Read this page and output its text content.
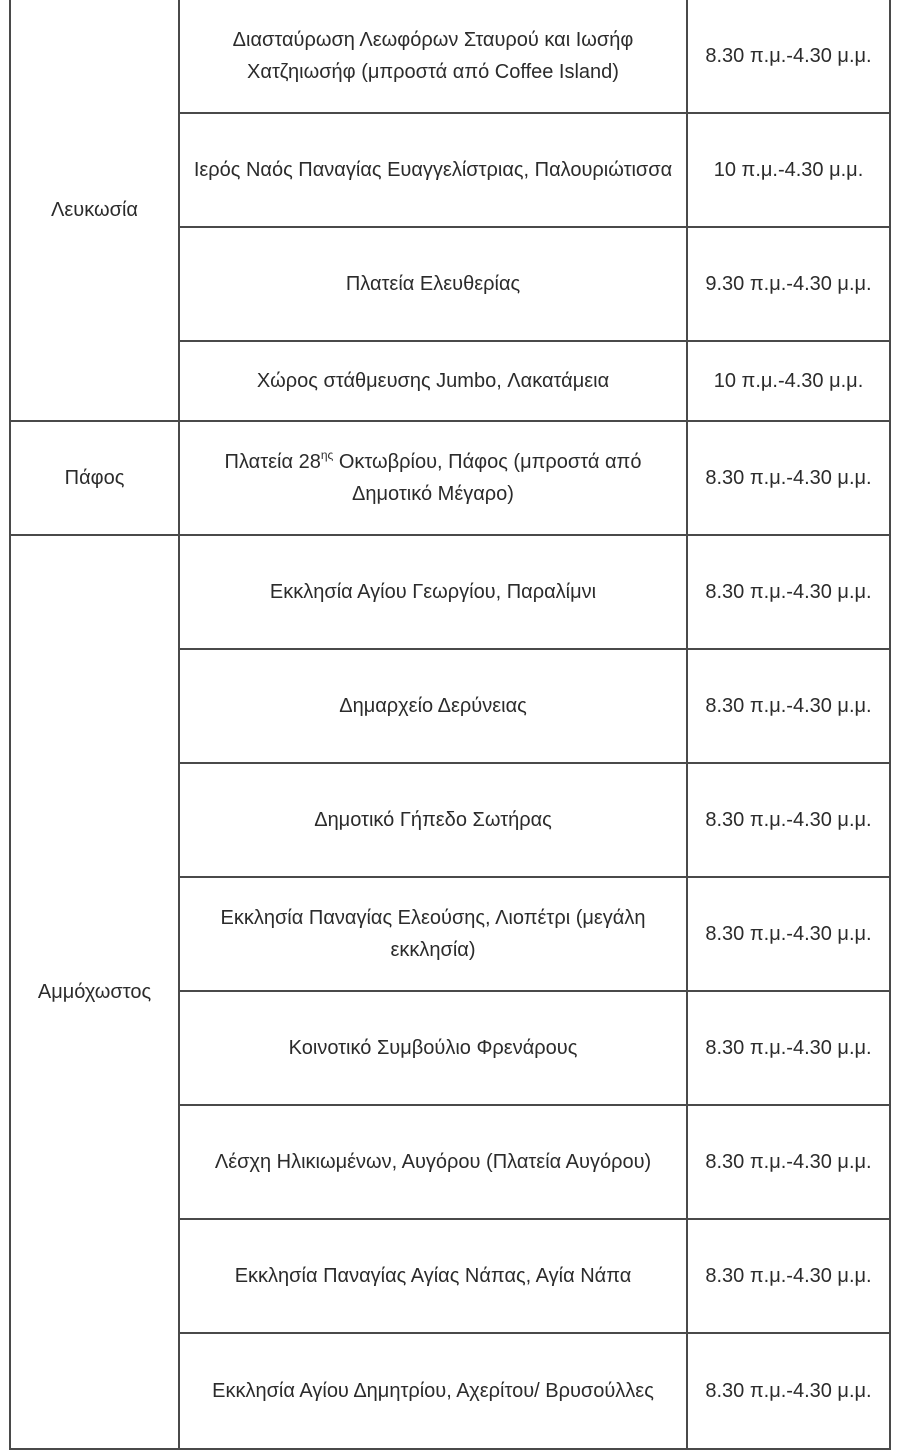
Λευκωσία	Διασταύρωση Λεωφόρων Σταυρού και Ιωσήφ Χατζηιωσήφ (μπροστά από Coffee Island)	8.30 π.μ.-4.30 μ.μ.
	Ιερός Ναός Παναγίας Ευαγγελίστριας, Παλουριώτισσα	10 π.μ.-4.30 μ.μ.
	Πλατεία Ελευθερίας	9.30 π.μ.-4.30 μ.μ.
	Χώρος στάθμευσης Jumbo, Λακατάμεια	10 π.μ.-4.30 μ.μ.
Πάφος	Πλατεία $28^{\eta\varsigma}$ Οκτωβρίου, Πάφος (μπροστά από Δημοτικό Μέγαρο)	8.30 π.μ.-4.30 μ.μ.
Αμμόχωστος	Εκκλησία Αγίου Γεωργίου, Παραλίμνι	8.30 π.μ.-4.30 μ.μ.
	Δημαρχείο Δερύνειας	8.30 π.μ.-4.30 μ.μ.
	Δημοτικό Γήπεδο Σωτήρας	8.30 π.μ.-4.30 μ.μ.
	Εκκλησία Παναγίας Ελεούσης, Λιοπέτρι (μεγάλη εκκλησία)	8.30 π.μ.-4.30 μ.μ.
	Κοινοτικό Συμβούλιο Φρενάρους	8.30 π.μ.-4.30 μ.μ.
	Λέσχη Ηλικιωμένων, Αυγόρου (Πλατεία Αυγόρου)	8.30 π.μ.-4.30 μ.μ.
	Εκκλησία Παναγίας Αγίας Νάπας, Αγία Νάπα	8.30 π.μ.-4.30 μ.μ.
	Εκκλησία Αγίου Δημητρίου, Αχερίτου/ Βρυσούλλες	8.30 π.μ.-4.30 μ.μ.
